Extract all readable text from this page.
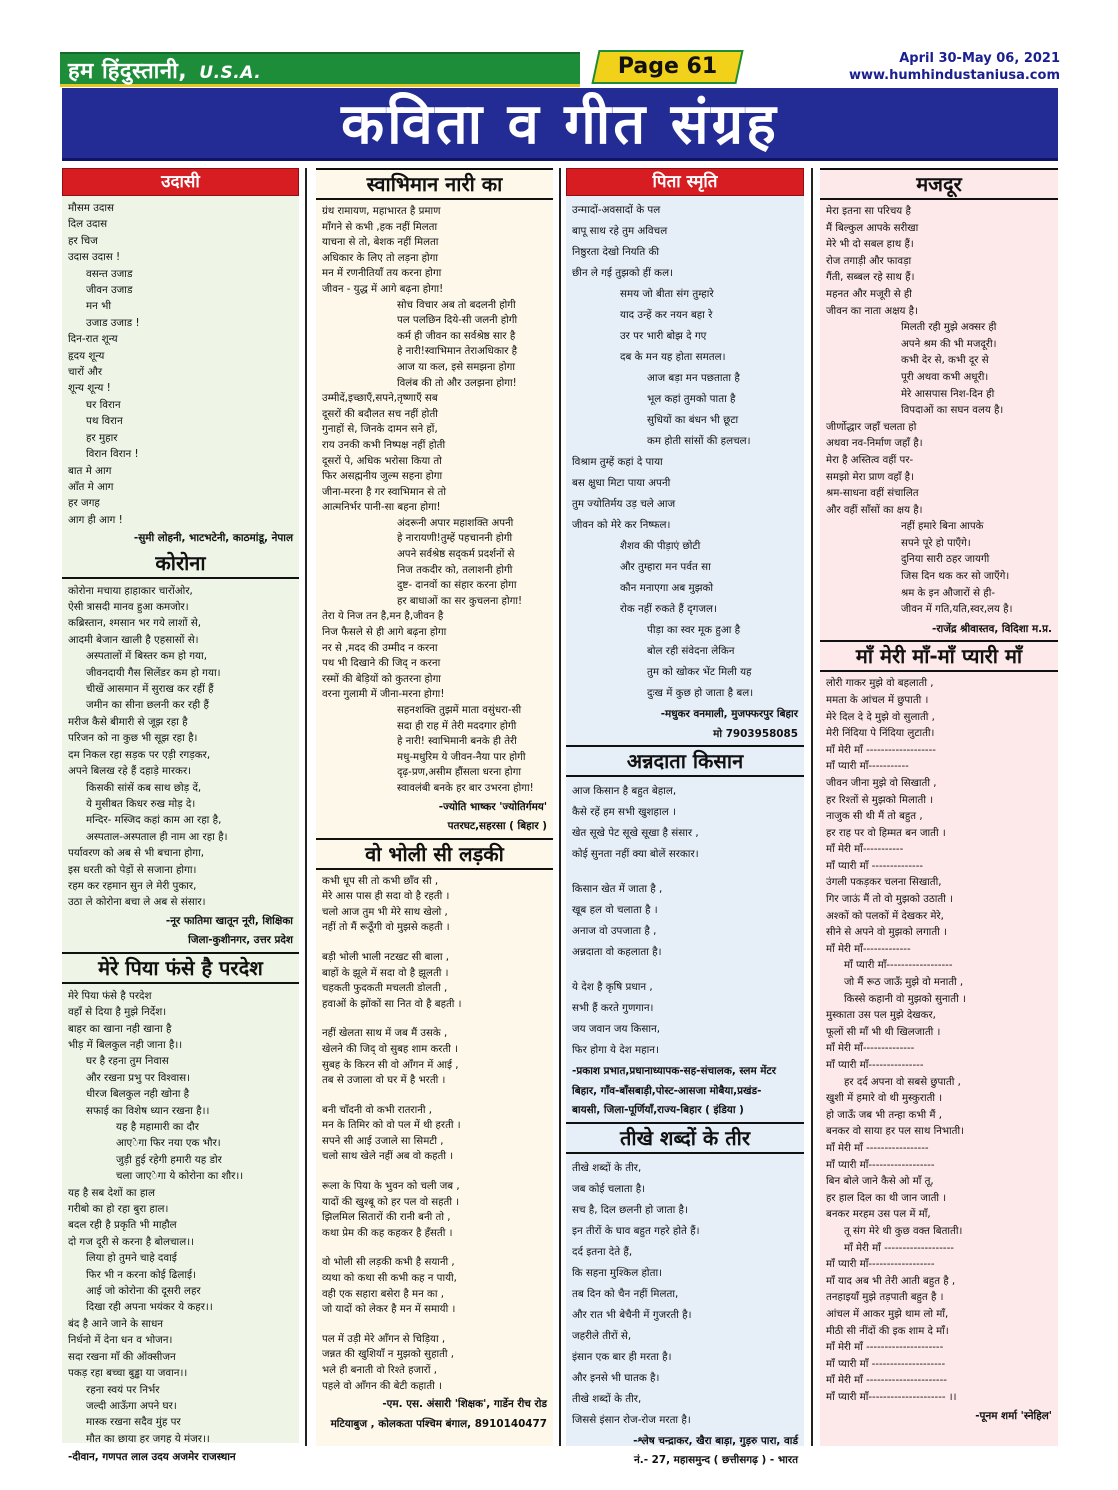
हम हिंदुस्तानी, U.S.A.	Page 61	April 30-May 06, 2021
www.humhindustaniusa.com
कविता व गीत संग्रह
उदासी
मौसम उदास
दिल उदास
हर चिज
उदास उदास !
वसन्त उजाड
जीवन उजाड
मन भी
उजाड उजाड !
दिन-रात शून्य
हृदय शून्य
चारों और
शून्य शून्य !
घर विरान
पथ विरान
हर मुहार
विरान विरान !
बात मे आग
आँत मे आग
हर जगह
आग ही आग !
-सुमी लोहनी, भाटभटेनी, काठमांडू, नेपाल
कोरोना
कोरोना मचाया हाहाकार चारोंओर,
ऐसी त्रासदी मानव हुआ कमजोर।
कब्रिस्तान, श्मसान भर गये लाशों से,
आदमी बेजान खाली है एहसासों से।
अस्पतालों में बिस्तर कम हो गया,
जीवनदायी गैस सिलेंडर कम हो गया।
चीखें आसमान में सुराख कर रहीं हैं
जमीन का सीना छलनी कर रही हैं
मरीज कैसे बीमारी से जूझ रहा है
परिजन को ना कुछ भी सूझ रहा है।
दम निकल रहा सड़क पर एड़ी रगड़कर,
अपने बिलख रहे हैं दहाड़े मारकर।
किसकी सांसें कब साथ छोड़ दें,
ये मुसीबत किधर रुख मोड़ दे।
मन्दिर- मस्जिद कहां काम आ रहा है,
अस्पताल-अस्पताल ही नाम आ रहा है।
पर्यावरण को अब से भी बचाना होगा,
इस धरती को पेड़ों से सजाना होगा।
रहम कर रहमान सुन ले मेरी पुकार,
उठा ले कोरोना बचा ले अब से संसार।
-नूर फातिमा खातून नूरी, शिक्षिका
जिला-कुशीनगर, उत्तर प्रदेश
मेरे पिया फंसे है परदेश
मेरे पिया फंसे है परदेश
वहाँ से दिया है मुझे निर्देश।
बाहर का खाना नही खाना है
भीड़ में बिलकुल नही जाना है।।
घर है रहना तुम निवास
और रखना प्रभु पर विश्वास।
धीरज बिलकुल नही खोना है
सफाई का विशेष ध्यान रखना है।।
यह है महामारी का दौर
आएेगा फिर नया एक भौर।
जुड़ी हुई रहेगी हमारी यह डोर
चला जाएेगा ये कोरोना का शौर।।
यह है सब देशों का हाल
गरीबो का हो रहा बुरा हाल।
बदल रही है प्रकृति भी माहौल
दो गज दूरी से करना है बोलचाल।।
लिया हो तुमने चाहे दवाई
फिर भी न करना कोई ढिलाई।
आई जो कोरोना की दूसरी लहर
दिखा रही अपना भयंकर ये कहर।।
बंद है आने जाने के साधन
निर्धनो में देना धन व भोजन।
सदा रखना माँ की ऑक्सीजन
पकड़ रहा बच्चा बुड्ढा या जवान।।
रहना स्वयं पर निर्भर
जल्दी आऊँगा अपने घर।
मास्क रखना सदैव मुंह पर
मौत का छाया हर जगह ये मंजर।।
-दीवान, गणपत लाल उदय अजमेर राजस्थान
स्वाभिमान नारी का
ग्रंथ रामायण, महाभारत है प्रमाण
माँगने से कभी ,हक नहीं मिलता
याचना से तो, बेशक नहीं मिलता
अधिकार के लिए तो लड़ना होगा
मन में रणनीतियाँ तय करना होगा
जीवन - युद्ध में आगे बढ़ना होगा!
सोच विचार अब तो बदलनी होगी
पल पलछिन दिये-सी जलनी होगी
कर्म ही जीवन का सर्वश्रेष्ठ सार है
हे नारी!स्वाभिमान तेराअधिकार है
आज या कल, इसे समझना होगा
विलंब की तो और उलझना होगा!
उम्मीदें,इच्छाएँ,सपने,तृष्णाएँ सब
दूसरों की बदौलत सच नहीं होती
गुनाहों से, जिनके दामन सने हों,
राय उनकी कभी निष्पक्ष नहीं होती
दूसरों पे, अधिक भरोसा किया तो
फिर असह्मनीय जुल्म सहना होगा
जीना-मरना है गर स्वाभिमान से तो
आत्मनिर्भर पानी-सा बहना होगा!
अंदरूनी अपार महाशक्ति अपनी
हे नारायणी!तुम्हें पहचाननी होगी
अपने सर्वश्रेष्ठ सद्कर्म प्रदर्शनों से
निज तकदीर को, तलाशनी होगी
दुष्ट- दानवों का संहार करना होगा
हर बाधाओं का सर कुचलना होगा!
तेरा ये निज तन है,मन है,जीवन है
निज फैसले से ही आगे बढ़ना होगा
नर से ,मदद की उम्मीद न करना
पथ भी दिखाने की जिद् न करना
रस्मों की बेड़ियों को कुतरना होगा
वरना गुलामी में जीना-मरना होगा!
सहनशक्ति तुझमें माता वसुंधरा-सी
सदा ही राह में तेरी मददगार होगी
हे नारी! स्वाभिमानी बनके ही तेरी
मधु-मधुरिम ये जीवन-नैया पार होगी
दृढ़-प्रण,असीम हौंसला धरना होगा
स्वावलंबी बनके हर बार उभरना होगा!
-ज्योति भाष्कर 'ज्योतिर्गमय'
पतरघट,सहरसा ( बिहार )
वो भोली सी लड़की
कभी धूप सी तो कभी छाँव सी ,
मेरे आस पास ही सदा वो है रहती ।
चलो आज तुम भी मेरे साथ खेलो ,
नहीं तो मैं रूठूँगी वो मुझसे कहती ।
बड़ी भोली भाली नटखट सी बाला ,
बाहों के झूले में सदा वो है झूलती ।
चहकती फुदकती मचलती डोलती ,
हवाओं के झोंकों सा नित वो है बहती ।
नहीं खेलता साथ में जब मैं उसके ,
खेलने की जिद् वो सुबह शाम करती ।
सुबह के किरन सी वो आँगन में आई ,
तब से उजाला वो घर में है भरती ।
बनी चाँदनी वो कभी रातरानी ,
मन के तिमिर को वो पल में थी हरती ।
सपने सी आई उजाले सा सिमटी ,
चलो साथ खेले नहीं अब वो कहती ।
रूला के पिया के भुवन को चली जब ,
यादों की खुश्बू को हर पल वो सहती ।
झिलमिल सितारों की रानी बनी तो ,
कथा प्रेम की कह कहकर है हँसती ।
वो भोली सी लड़की कभी है सयानी ,
व्यथा को कथा सी कभी कह न पायी,
वही एक सहारा बसेरा है मन का ,
जो यादों को लेकर है मन में समायी ।
पल में उड़ी मेरे आँगन से चिड़िया ,
जन्नत की खुशियाँ न मुझको सुहाती ,
भले ही बनाती वो रिश्ते हजारों ,
पहले वो आँगन की बेटी कहाती ।
-एम. एस. अंसारी 'शिक्षक', गार्डेन रीच रोड
मटियाबुज , कोलकता पश्चिम बंगाल, 8910140477
पिता स्मृति
उन्मादों-अवसादों के पल
बापू साथ रहे तुम अविचल
निष्ठुरता देखो नियति की
छीन ले गई तुझको हीं कल।
समय जो बीता संग तुम्हारे
याद उन्हें कर नयन बहा रे
उर पर भारी बोझ दे गए
दब के मन यह होता समतल।
आज बड़ा मन पछताता है
भूल कहां तुमको पाता है
सुधियों का बंधन भी छूटा
कम होती सांसों की हलचल।
विश्राम तुम्हें कहां दे पाया
बस क्षुधा मिटा पाया अपनी
तुम ज्योतिर्मय उड़ चले आज
जीवन को मेरे कर निष्फल।
शैशव की पीड़ाएं छोटी
और तुम्हारा मन पर्वत सा
कौन मनाएगा अब मुझको
रोक नहीं रुकते हैं दृगजल।
पीड़ा का स्वर मूक हुआ है
बोल रही संवेदना लेकिन
तुम को खोकर भेंट मिली यह
दुःख में कुछ हो जाता है बल।
-मधुकर वनमाली, मुजफ्फरपुर बिहार
मो 7903958085
अन्नदाता किसान
आज किसान है बहुत बेहाल,
कैसे रहें हम सभी खुशहाल ।
खेत सूखे पेट सूखे सूखा है संसार ,
कोई सुनता नहीं क्या बोलें सरकार।
किसान खेत में जाता है ,
खूब हल वो चलाता है ।
अनाज वो उपजाता है ,
अन्नदाता वो कहलाता है।
ये देश है कृषि प्रधान ,
सभी हैं करते गुणगान।
जय जवान जय किसान,
फिर होगा ये देश महान।
-प्रकाश प्रभात,प्रधानाध्यापक-सह-संचालक, स्लम मेंटर
बिहार, गाँव-बाँसबाड़ी,पोस्ट-आसजा मोबैया,प्रखंड-
बायसी, जिला-पूर्णियाँ,राज्य-बिहार ( इंडिया )
तीखे शब्दों के तीर
तीखे शब्दों के तीर,
जब कोई चलाता है।
सच है, दिल छलनी हो जाता है।
इन तीरों के घाव बहुत गहरे होते हैं।
दर्द इतना देते हैं,
कि सहना मुश्किल होता।
तब दिन को चैन नहीं मिलता,
और रात भी बेचैनी में गुजरती है।
जहरीले तीरों से,
इंसान एक बार ही मरता है।
और इनसे भी घातक है।
तीखे शब्दों के तीर,
जिससे इंसान रोज-रोज मरता है।
-श्लेष चन्द्राकर, खैरा बाड़ा, गुड़रु पारा, वार्ड
नं.- 27, महासमुन्द ( छत्तीसगढ़ ) - भारत
मजदूर
मेरा इतना सा परिचय है
मैं बिल्कुल आपके सरीखा
मेरे भी दो सबल हाथ हैं।
रोज तगाड़ी और फावड़ा
गैंती, सब्बल रहे साथ हैं।
महनत और मजूरी से ही
जीवन का नाता अक्षय है।
मिलती रही मुझे अक्सर ही
अपने श्रम की भी मजदूरी।
कभी देर से, कभी दूर से
पूरी अथवा कभी अधूरी।
मेरे आसपास निश-दिन ही
विपदाओं का सघन वलय है।
जीर्णोद्धार जहाँ चलता हो
अथवा नव-निर्माण जहाँ है।
मेरा है अस्तित्व वहीं पर-
समझो मेरा प्राण वहाँ है।
श्रम-साधना वहीं संचालित
और वहीं साँसों का क्षय है।
नहीं हमारे बिना आपके
सपने पूरे हो पाएँगे।
दुनिया सारी ठहर जायगी
जिस दिन थक कर सो जाएँगे।
श्रम के इन औजारों से ही-
जीवन में गति,यति,स्वर,लय है।
-राजेंद्र श्रीवास्तव, विदिशा म.प्र.
माँ मेरी माँ-माँ प्यारी माँ
लोरी गाकर मुझे वो बहलाती ,
ममता के आंचल में छुपाती ।
मेरे दिल दे दे मुझे वो सुलाती ,
मेरी निंदिया पे निंदिया लुटाती।
माँ मेरी माँ -------------------
माँ प्यारी माँ-----------
जीवन जीना मुझे वो सिखाती ,
हर रिश्तों से मुझको मिलाती ।
नाजुक सी थी मैं तो बहुत ,
हर राह पर वो हिम्मत बन जाती ।
माँ मेरी माँ-----------
माँ प्यारी माँ --------------
उंगली पकड़कर चलना सिखाती,
गिर जाऊं मैं तो वो मुझको उठाती ।
अश्कों को पलकों में देखकर मेरे,
सीने से अपने वो मुझको लगाती ।
माँ मेरी माँ-------------
माँ प्यारी माँ------------------
जो मैं रूठ जाऊँ मुझे वो मनाती ,
किस्से कहानी वो मुझको सुनाती ।
मुस्काता उस पल मुझे देखकर,
फूलों सी माँ भी थी खिलजाती ।
माँ मेरी माँ--------------
माँ प्यारी माँ---------------
हर दर्द अपना वो सबसे छुपाती ,
खुशी में हमारे वो थी मुस्कुराती ।
हो जाऊँ जब भी तन्हा कभी मैं ,
बनकर वो साया हर पल साथ निभाती।
माँ मेरी माँ -----------------
माँ प्यारी माँ------------------
बिन बोले जाने कैसे ओ माँ तू,
हर हाल दिल का थी जान जाती ।
बनकर मरहम उस पल में माँ,
तू संग मेरे थी कुछ वक्त बिताती।
माँ मेरी माँ -------------------
माँ प्यारी माँ------------------
माँ याद अब भी तेरी आती बहुत है ,
तनहाइयाँ मुझे तड़पाती बहुत है ।
आंचल में आकर मुझे थाम लो माँ,
मीठी सी नींदों की इक शाम दे माँ।
माँ मेरी माँ ---------------------
माँ प्यारी माँ --------------------
माँ मेरी माँ ----------------------
माँ प्यारी माँ--------------------- ।।
-पूनम शर्मा 'स्नेहिल'
